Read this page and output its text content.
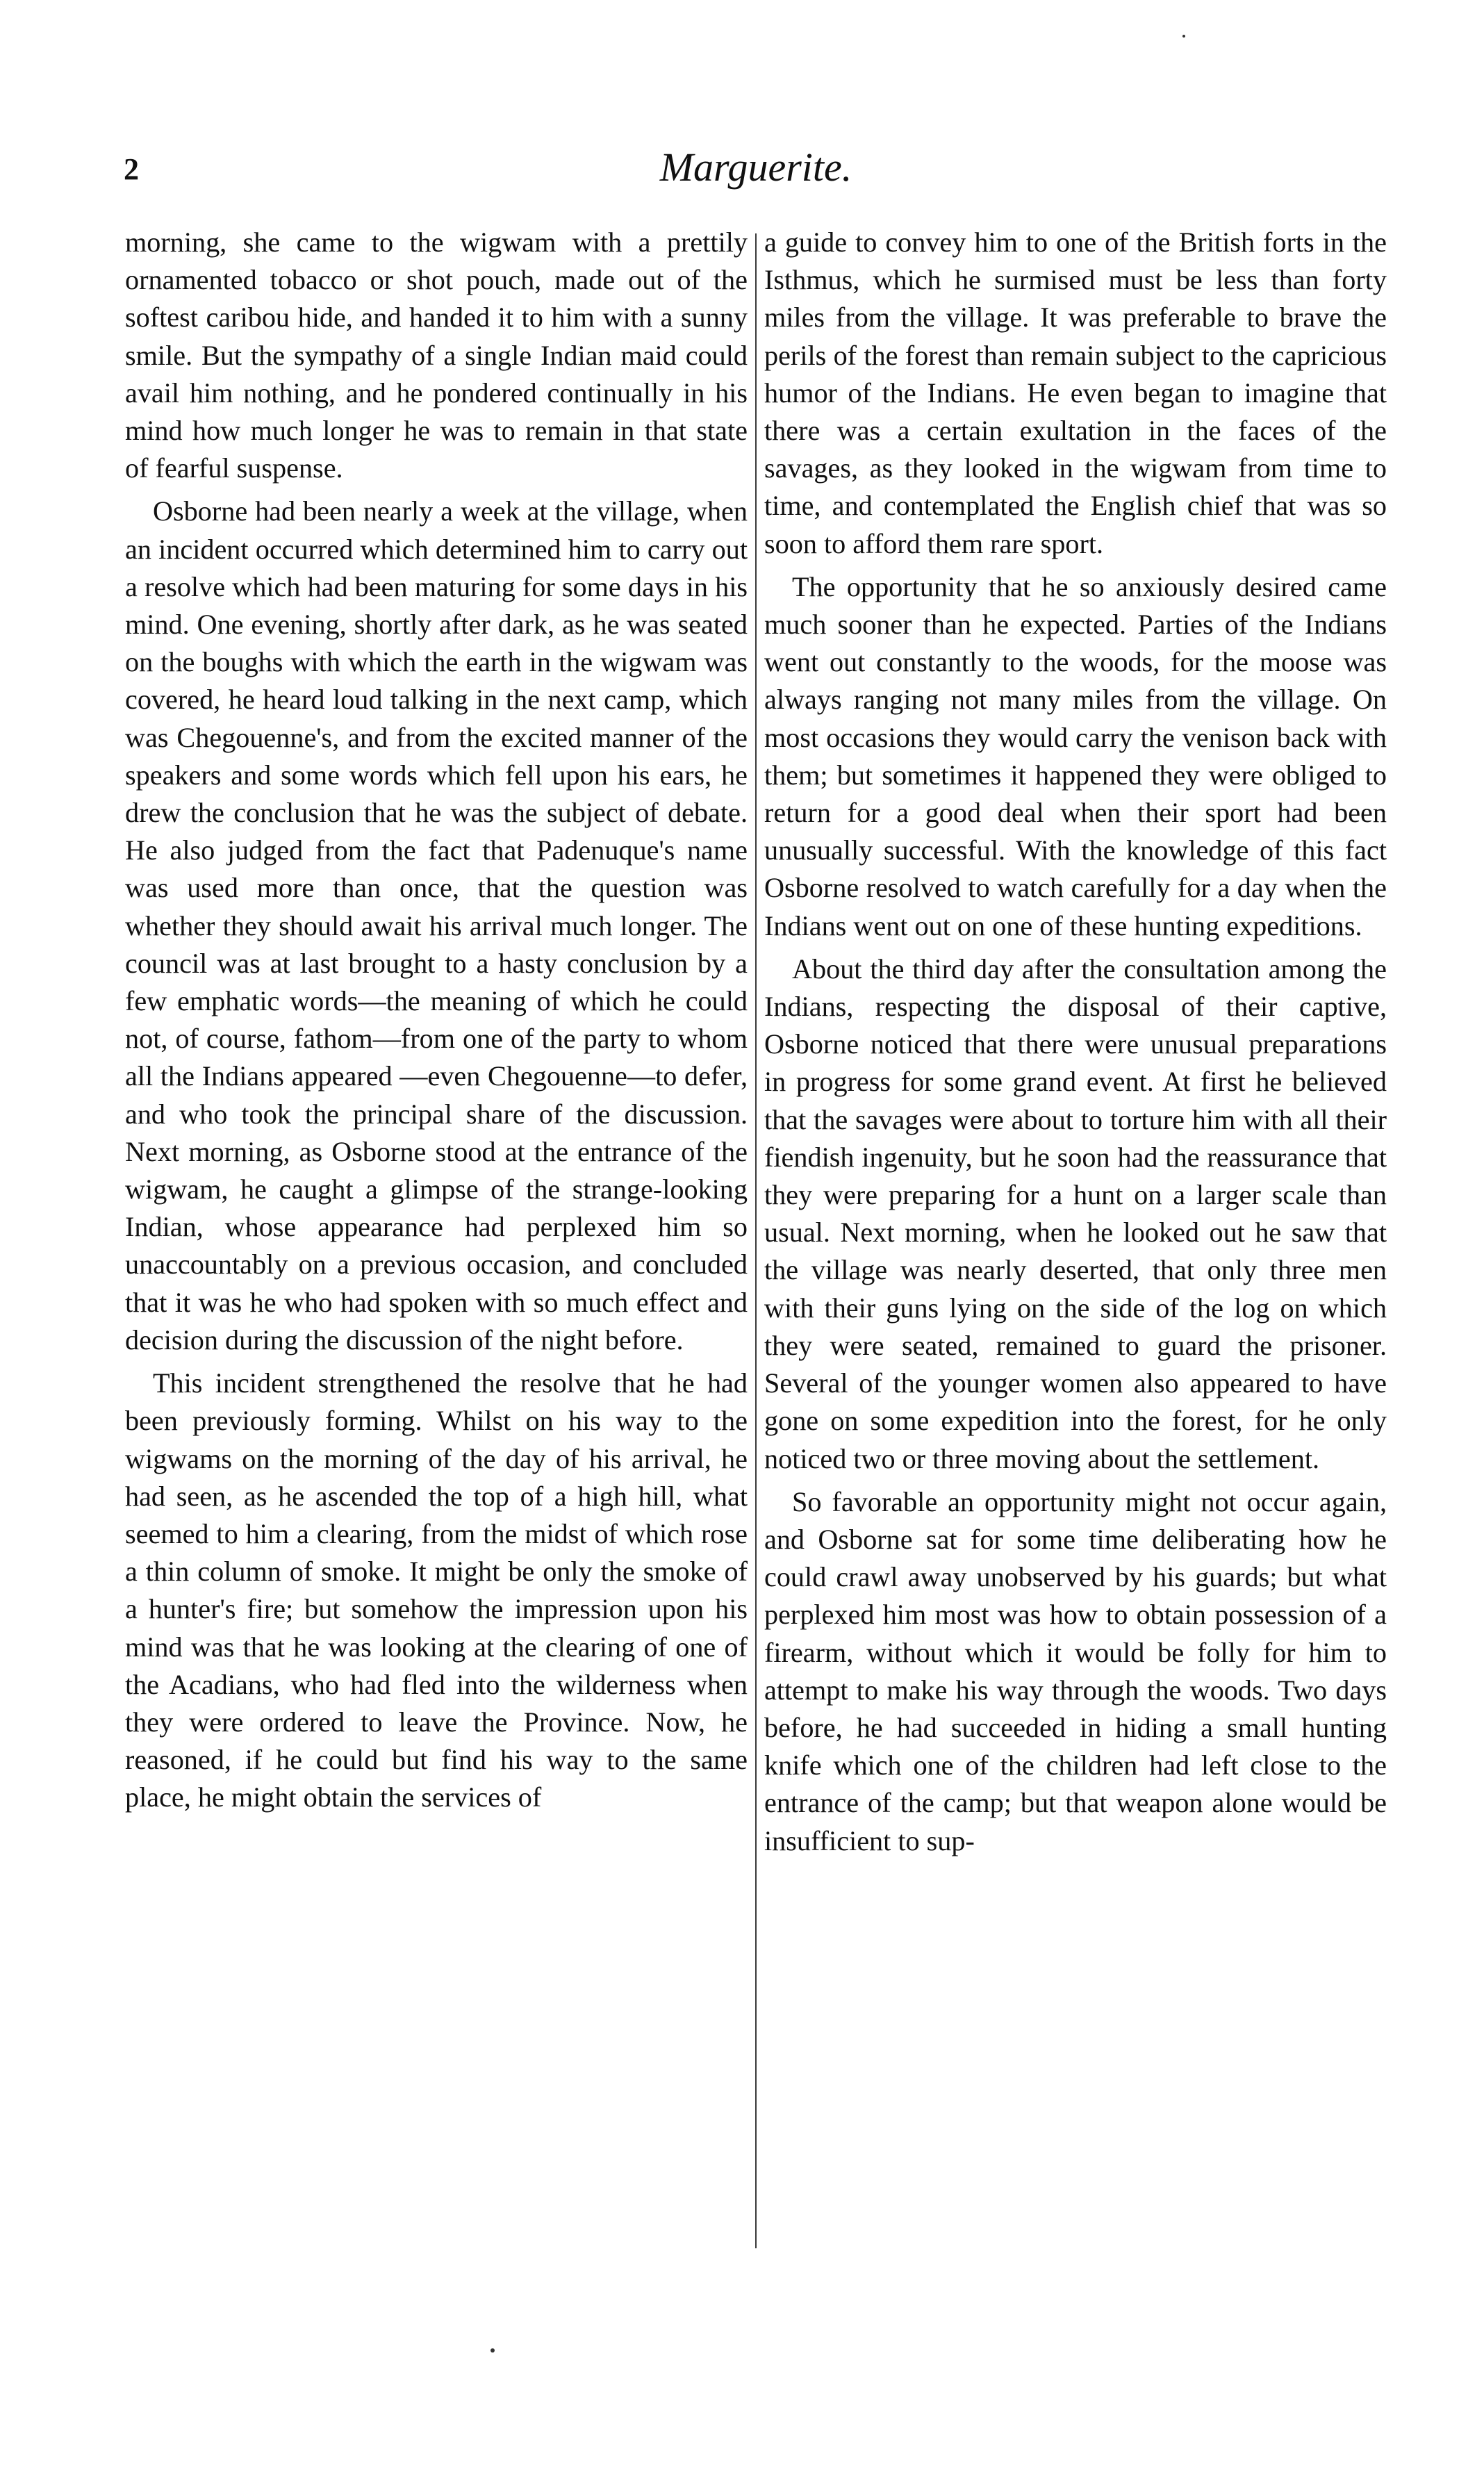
2	Marguerite.

morning, she came to the wigwam with a prettily ornamented tobacco or shot pouch, made out of the softest caribou hide, and handed it to him with a sunny smile. But the sympathy of a single Indian maid could avail him nothing, and he pondered continually in his mind how much longer he was to remain in that state of fearful suspense.

Osborne had been nearly a week at the village, when an incident occurred which determined him to carry out a resolve which had been maturing for some days in his mind. One evening, shortly after dark, as he was seated on the boughs with which the earth in the wigwam was covered, he heard loud talking in the next camp, which was Chegouenne's, and from the excited manner of the speakers and some words which fell upon his ears, he drew the conclusion that he was the subject of debate. He also judged from the fact that Padenuque's name was used more than once, that the question was whether they should await his arrival much longer. The council was at last brought to a hasty conclusion by a few emphatic words—the meaning of which he could not, of course, fathom—from one of the party to whom all the Indians appeared —even Chegouenne—to defer, and who took the principal share of the discussion. Next morning, as Osborne stood at the entrance of the wigwam, he caught a glimpse of the strange-looking Indian, whose appearance had perplexed him so unaccountably on a previous occasion, and concluded that it was he who had spoken with so much effect and decision during the discussion of the night before.

This incident strengthened the resolve that he had been previously forming. Whilst on his way to the wigwams on the morning of the day of his arrival, he had seen, as he ascended the top of a high hill, what seemed to him a clearing, from the midst of which rose a thin column of smoke. It might be only the smoke of a hunter's fire; but somehow the impression upon his mind was that he was looking at the clearing of one of the Acadians, who had fled into the wilderness when they were ordered to leave the Province. Now, he reasoned, if he could but find his way to the same place, he might obtain the services of

a guide to convey him to one of the British forts in the Isthmus, which he surmised must be less than forty miles from the village. It was preferable to brave the perils of the forest than remain subject to the capricious humor of the Indians. He even began to imagine that there was a certain exultation in the faces of the savages, as they looked in the wigwam from time to time, and contemplated the English chief that was so soon to afford them rare sport.

The opportunity that he so anxiously desired came much sooner than he expected. Parties of the Indians went out constantly to the woods, for the moose was always ranging not many miles from the village. On most occasions they would carry the venison back with them; but sometimes it happened they were obliged to return for a good deal when their sport had been unusually successful. With the knowledge of this fact Osborne resolved to watch carefully for a day when the Indians went out on one of these hunting expeditions.

About the third day after the consultation among the Indians, respecting the disposal of their captive, Osborne noticed that there were unusual preparations in progress for some grand event. At first he believed that the savages were about to torture him with all their fiendish ingenuity, but he soon had the reassurance that they were preparing for a hunt on a larger scale than usual. Next morning, when he looked out he saw that the village was nearly deserted, that only three men with their guns lying on the side of the log on which they were seated, remained to guard the prisoner. Several of the younger women also appeared to have gone on some expedition into the forest, for he only noticed two or three moving about the settlement.

So favorable an opportunity might not occur again, and Osborne sat for some time deliberating how he could crawl away unobserved by his guards; but what perplexed him most was how to obtain possession of a firearm, without which it would be folly for him to attempt to make his way through the woods. Two days before, he had succeeded in hiding a small hunting knife which one of the children had left close to the entrance of the camp; but that weapon alone would be insufficient to sup-
